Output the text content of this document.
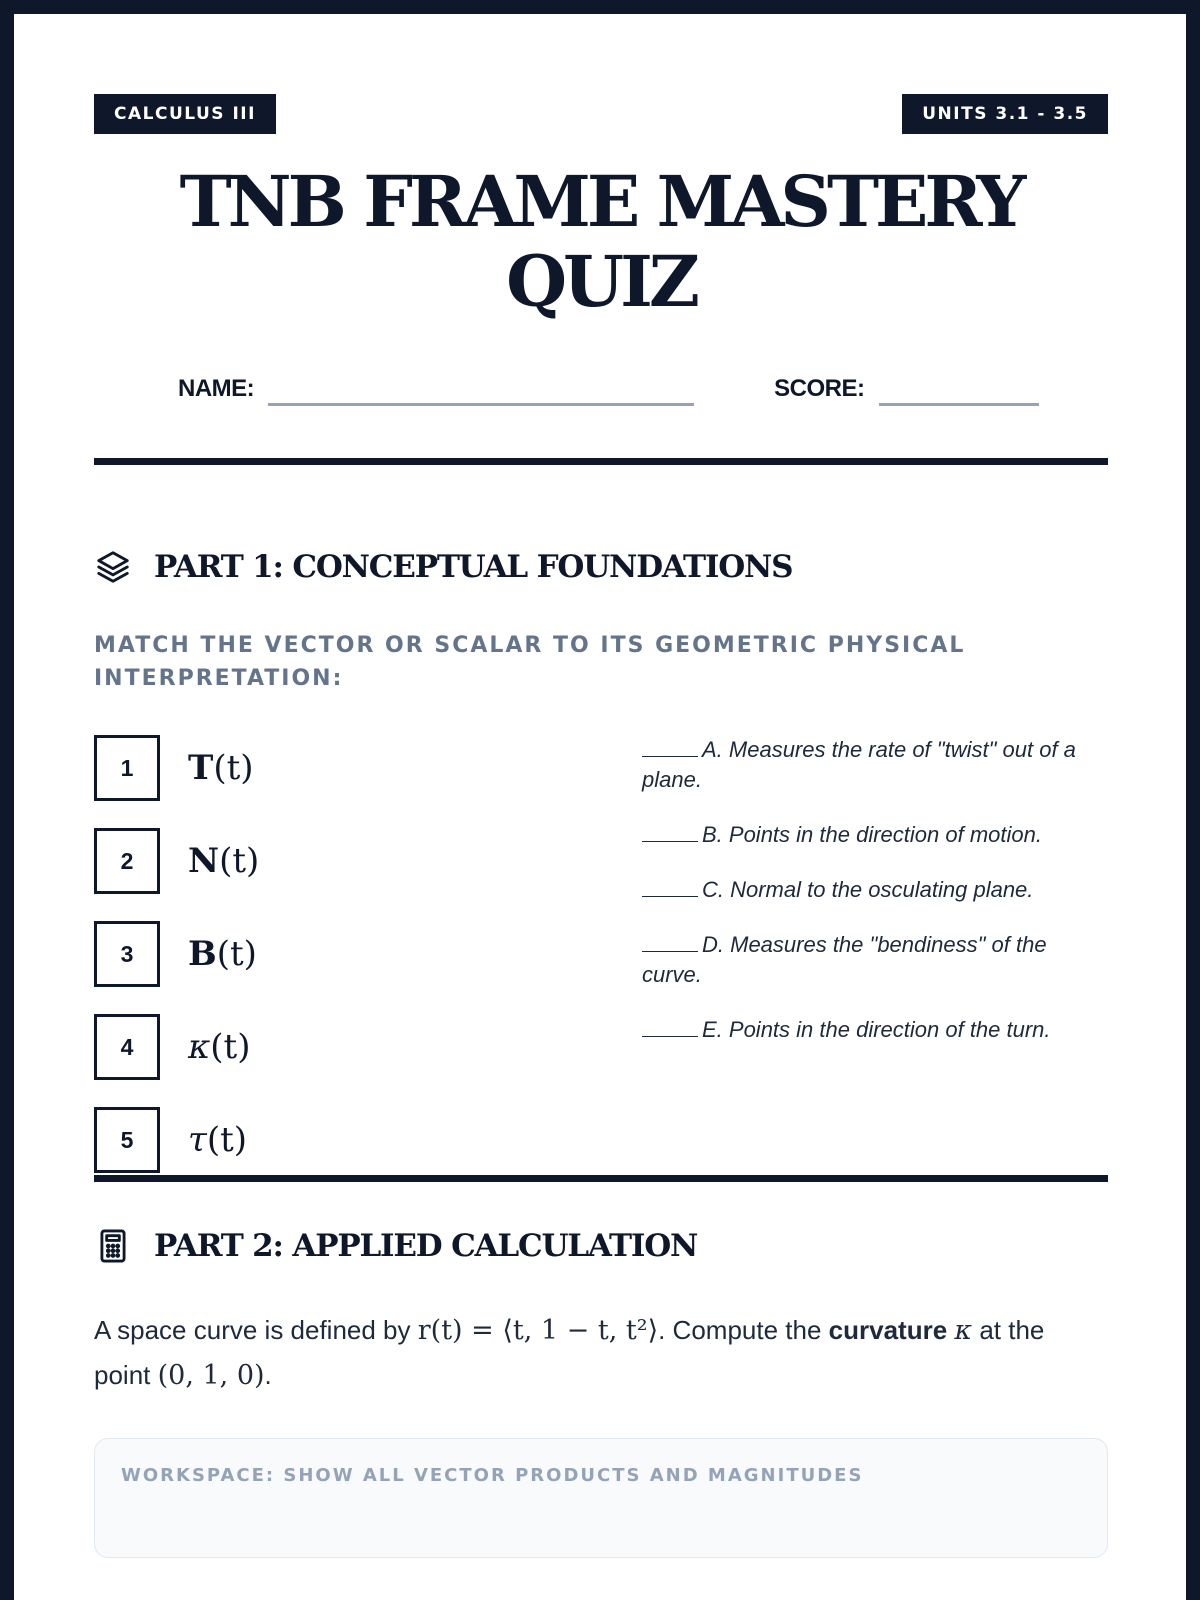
CALCULUS III	UNITS 3.1 - 3.5
TNB FRAME MASTERY
QUIZ
NAME:	SCORE:
PART 1: CONCEPTUAL FOUNDATIONS

MATCH THE VECTOR OR SCALAR TO ITS GEOMETRIC PHYSICAL INTERPRETATION:

1	T(t)
2	N(t)
3	B(t)
4	κ(t)
5	τ(t)

A. Measures the rate of "twist" out of a plane.

B. Points in the direction of motion.

C. Normal to the osculating plane.

D. Measures the "bendiness" of the curve.

E. Points in the direction of the turn.

PART 2: APPLIED CALCULATION

A space curve is defined by r(t) = ⟨t, 1 − t, t²⟩. Compute the curvature κ at the point (0, 1, 0).

WORKSPACE: SHOW ALL VECTOR PRODUCTS AND MAGNITUDES
